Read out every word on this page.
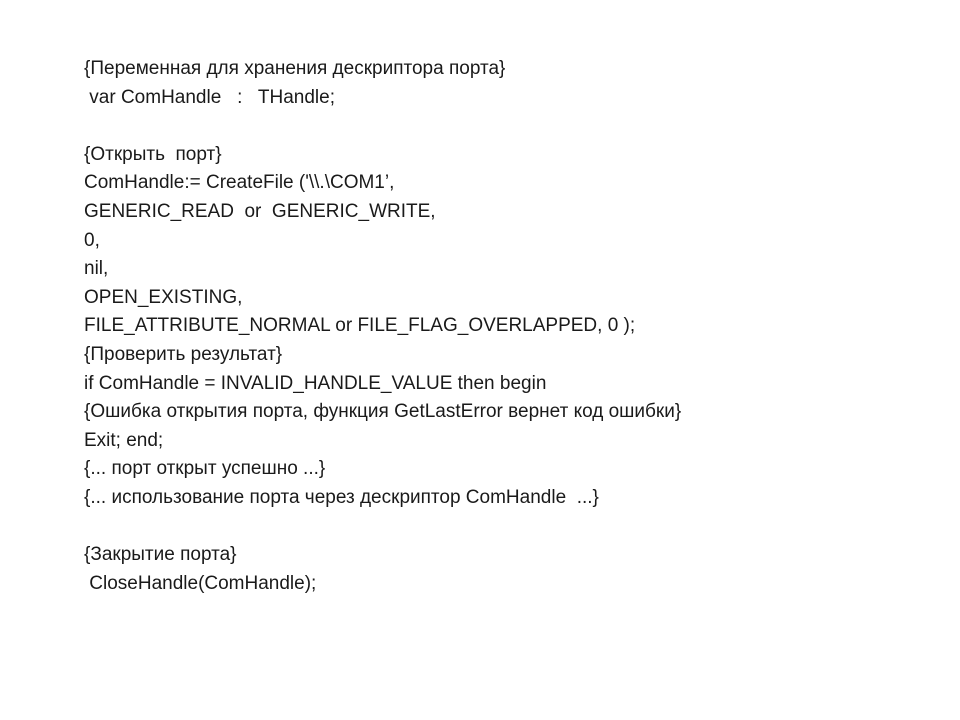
{Переменная для хранения дескриптора порта}
var ComHandle   :   THandle;
{Открыть  порт}
ComHandle:= CreateFile ('\\.\COM1’,
GENERIC_READ  or  GENERIC_WRITE,
0,
nil,
OPEN_EXISTING,
FILE_ATTRIBUTE_NORMAL or FILE_FLAG_OVERLAPPED, 0 );
{Проверить результат}
if ComHandle = INVALID_HANDLE_VALUE then begin
{Ошибка открытия порта, функция GetLastError вернет код ошибки}
Exit; end;
{... порт открыт успешно ...}
{... использование порта через дескриптор ComHandle  ...}
{Закрытие порта}
CloseHandle(ComHandle);
